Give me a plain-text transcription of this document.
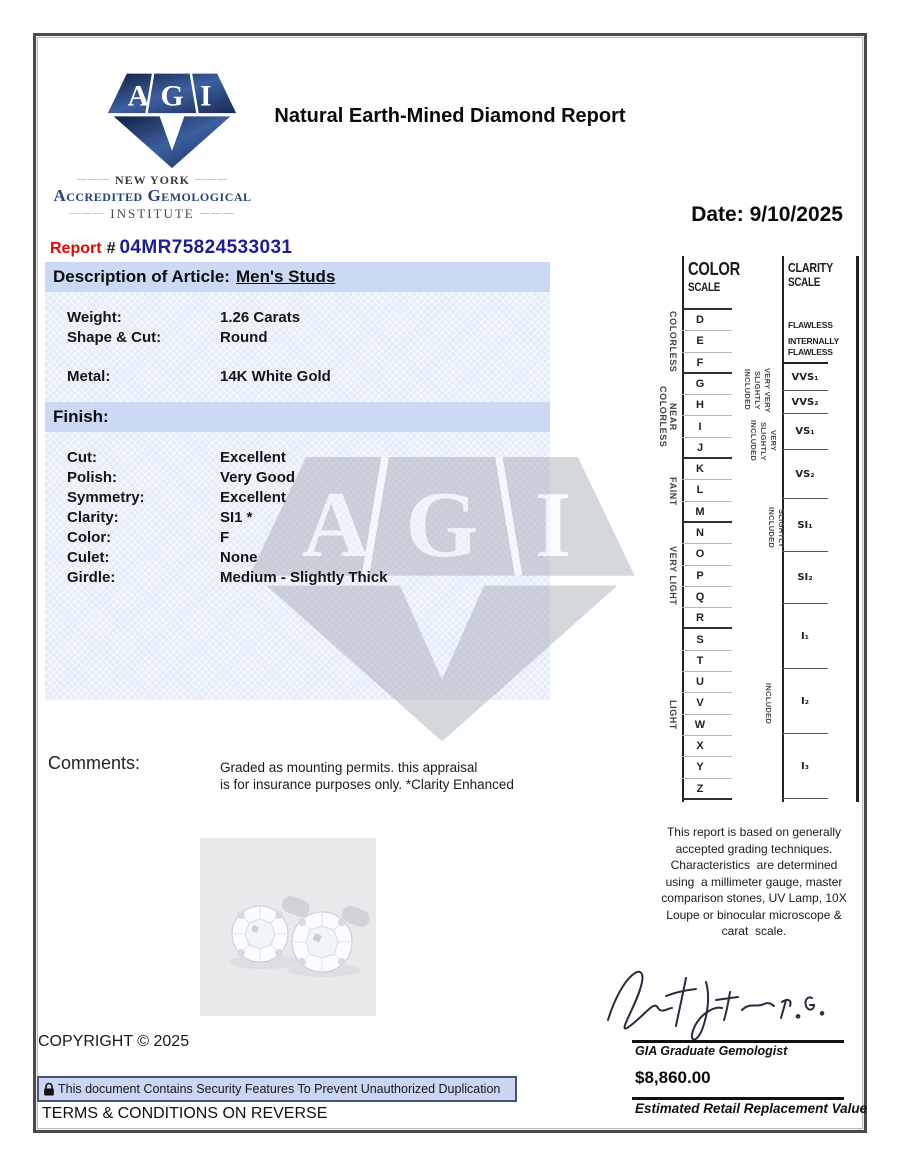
A G I
——— NEW YORK ———
Accredited Gemological
——— INSTITUTE ———
Natural Earth-Mined Diamond Report
Date: 9/10/2025
Report # 04MR75824533031
Description of Article: Men's Studs
Weight:	1.26 Carats
Shape & Cut:	Round
Metal:	14K White Gold
Finish:
Cut:	Excellent
Polish:	Very Good
Symmetry:	Excellent
Clarity:	SI1 *
Color:	F
Culet:	None
Girdle:	Medium - Slightly Thick
A G I
Comments:	Graded as mounting permits. this appraisal
is for insurance purposes only. *Clarity Enhanced
COLOR
SCALE
D
E
F
COLORLESS
G
H
I
J
NEAR COLORLESS
K
L
M
FAINT
N
O
P
Q
R
VERY LIGHT
S
T
U
V
W
X
Y
Z
LIGHT
CLARITY
SCALE
FLAWLESS
INTERNALLY
FLAWLESS
VVS₁
VVS₂
VS₁
VS₂
SI₁
SI₂
I₁
I₂
I₃
VERY VERY
SLIGHTLY
INCLUDED
VERY SLIGHTLY
INCLUDED
SLIGHTLY INCLUDED
INCLUDED
This report is based on generally
accepted grading techniques.
Characteristics  are determined
using  a millimeter gauge, master
comparison stones, UV Lamp, 10X
Loupe or binocular microscope &
carat  scale.
GIA Graduate Gemologist
$8,860.00
Estimated Retail Replacement Value
COPYRIGHT © 2025
This document Contains Security Features To Prevent Unauthorized Duplication
TERMS & CONDITIONS ON REVERSE
